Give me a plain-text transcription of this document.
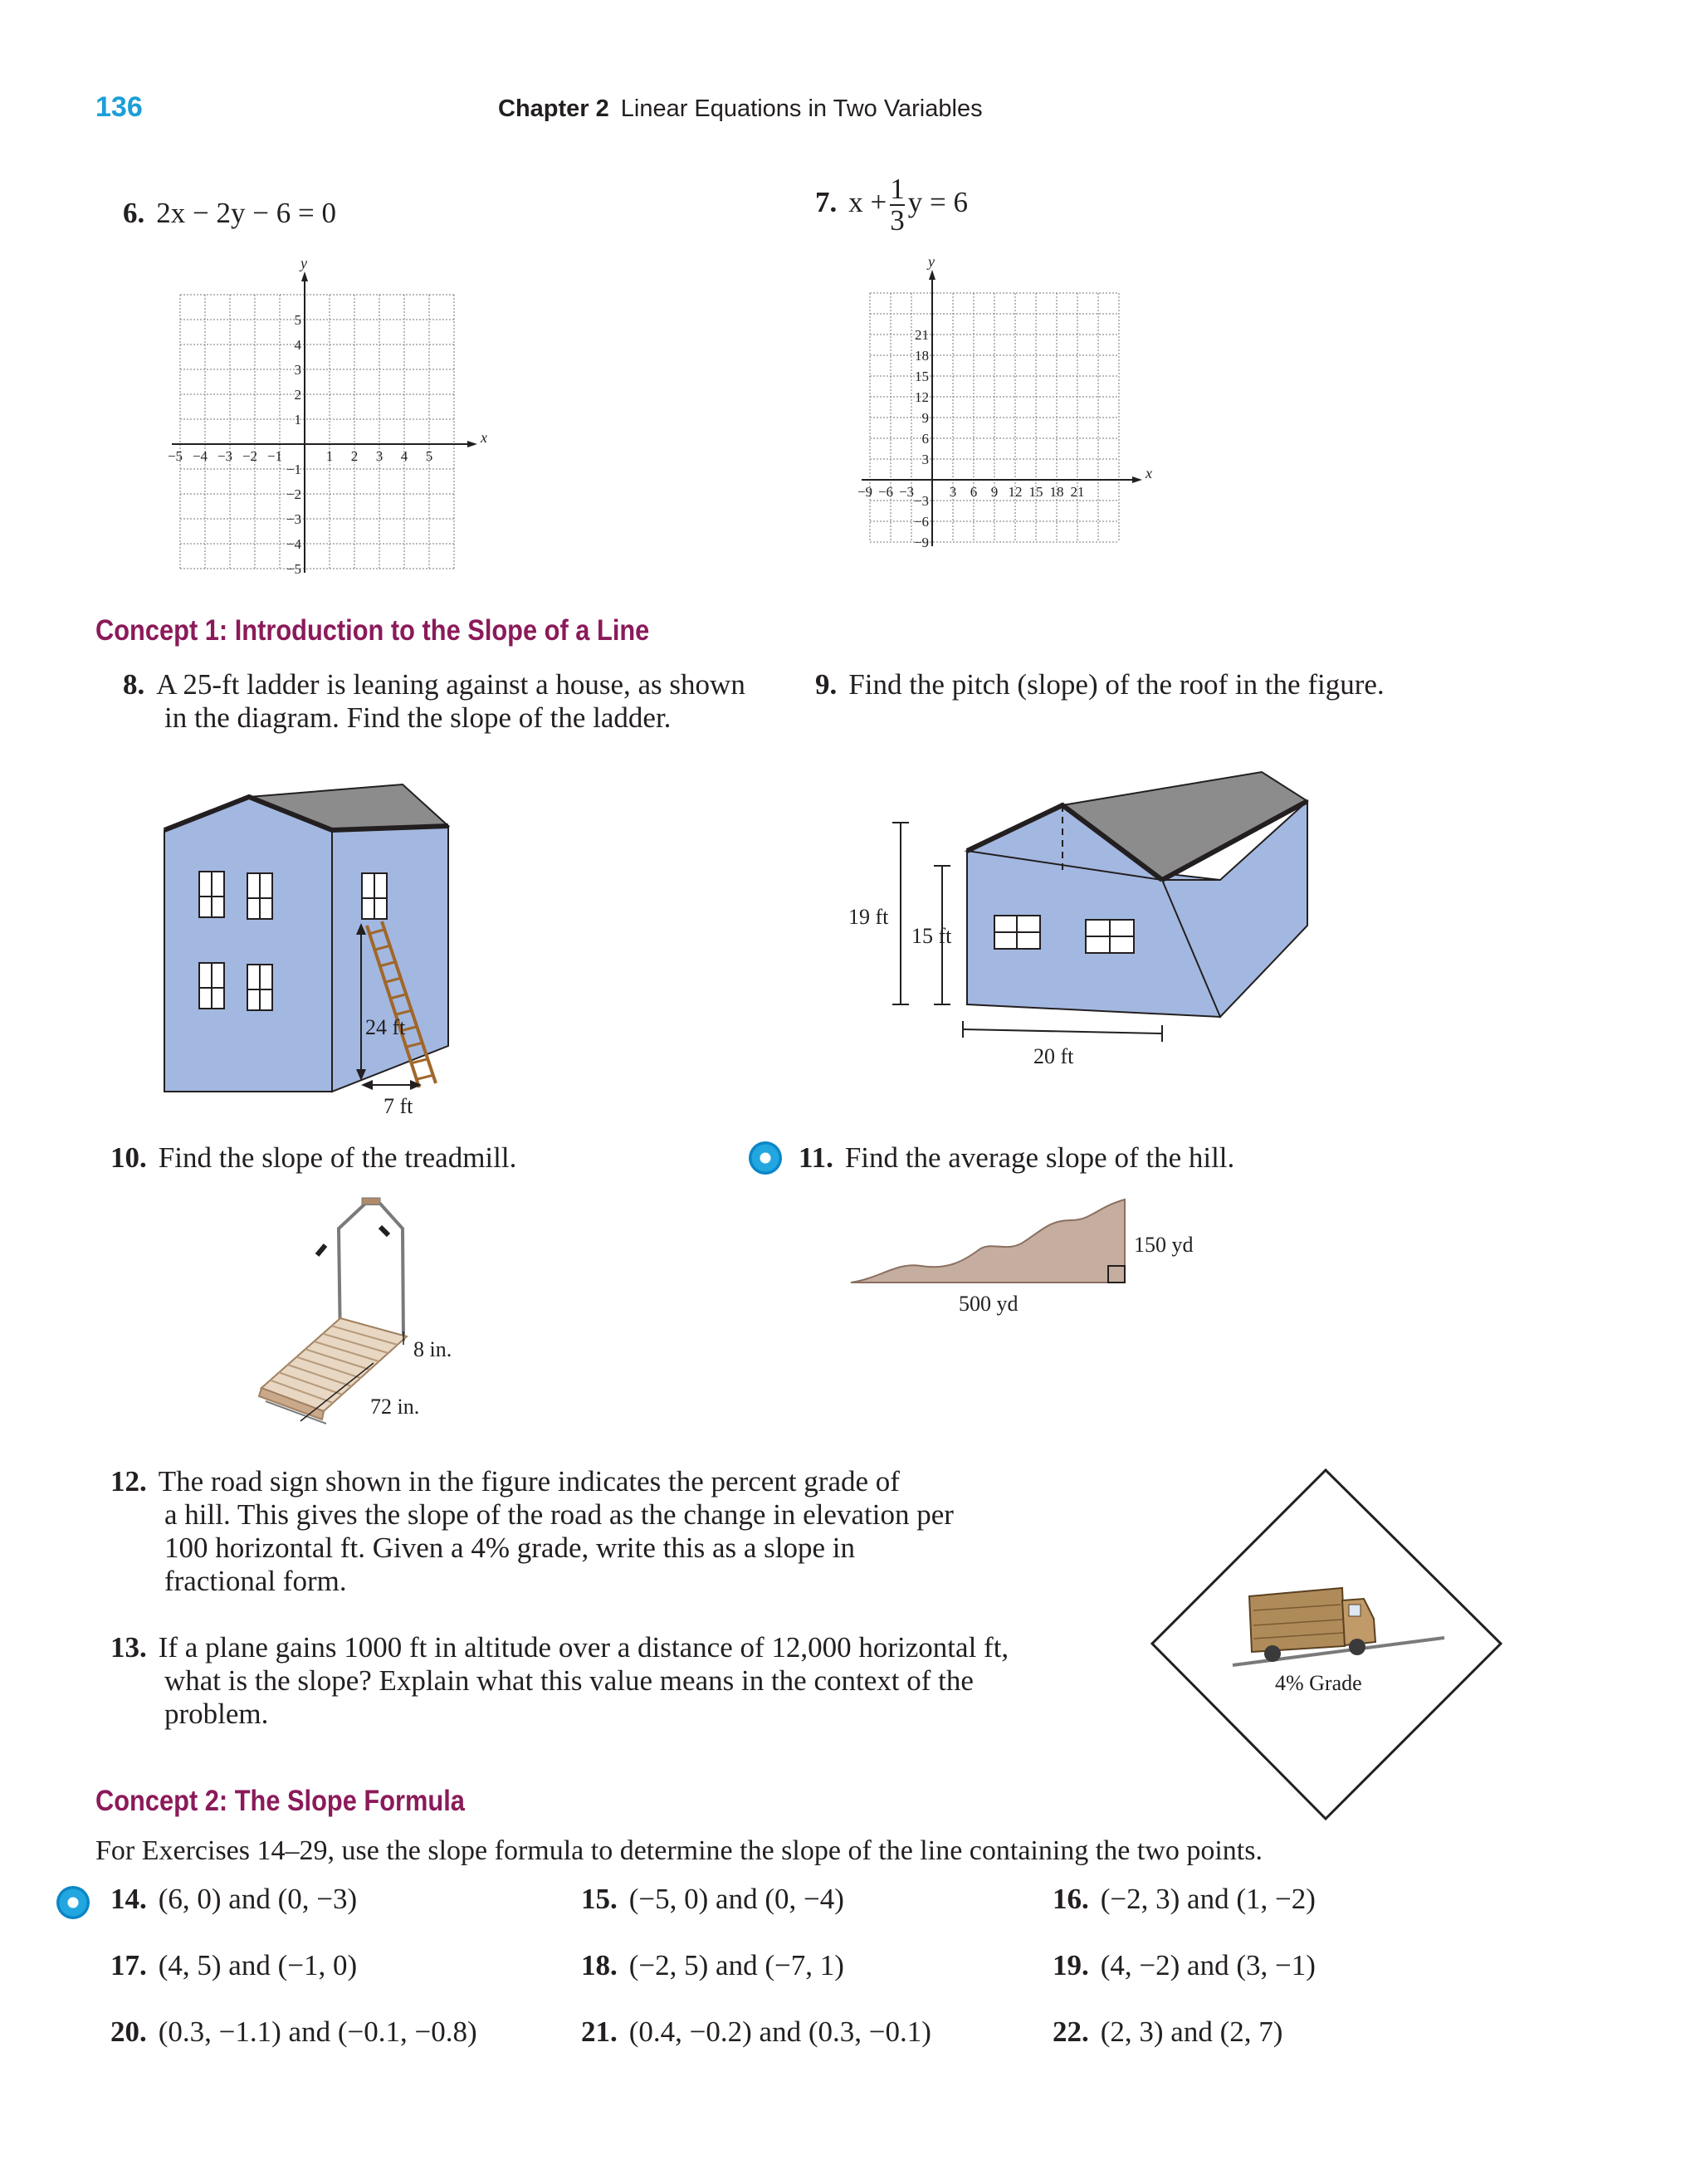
136	Chapter 2 Linear Equations in Two Variables
6. 2x − 2y − 6 = 0	7. $x + \frac{1}{3}$ y = 6
x
y
−5 −4 −3 −2 −1	1 2 3 4 5
5
4
3
2
1
−1
−2
−3
−4
−5
x
y
−9 −6 −3	3 6 9 12 15 18 21
21
18
15
12
9
6
3
−3
−6
−9
Concept 1: Introduction to the Slope of a Line
8. A 25-ft ladder is leaning against a house, as shown
in the diagram. Find the slope of the ladder.
9. Find the pitch (slope) of the roof in the figure.
24 ft
7 ft
19 ft
15 ft
20 ft
10. Find the slope of the treadmill.	11. Find the average slope of the hill.
8 in.
72 in.
150 yd
500 yd
12. The road sign shown in the figure indicates the percent grade of
a hill. This gives the slope of the road as the change in elevation per
100 horizontal ft. Given a 4% grade, write this as a slope in
fractional form.
4% Grade
13. If a plane gains 1000 ft in altitude over a distance of 12,000 horizontal ft,
what is the slope? Explain what this value means in the context of the
problem.
Concept 2: The Slope Formula
For Exercises 14–29, use the slope formula to determine the slope of the line containing the two points.
14. (6, 0) and (0, −3)	15. (−5, 0) and (0, −4)	16. (−2, 3) and (1, −2)
17. (4, 5) and (−1, 0)	18. (−2, 5) and (−7, 1)	19. (4, −2) and (3, −1)
20. (0.3, −1.1) and (−0.1, −0.8)	21. (0.4, −0.2) and (0.3, −0.1)	22. (2, 3) and (2, 7)
